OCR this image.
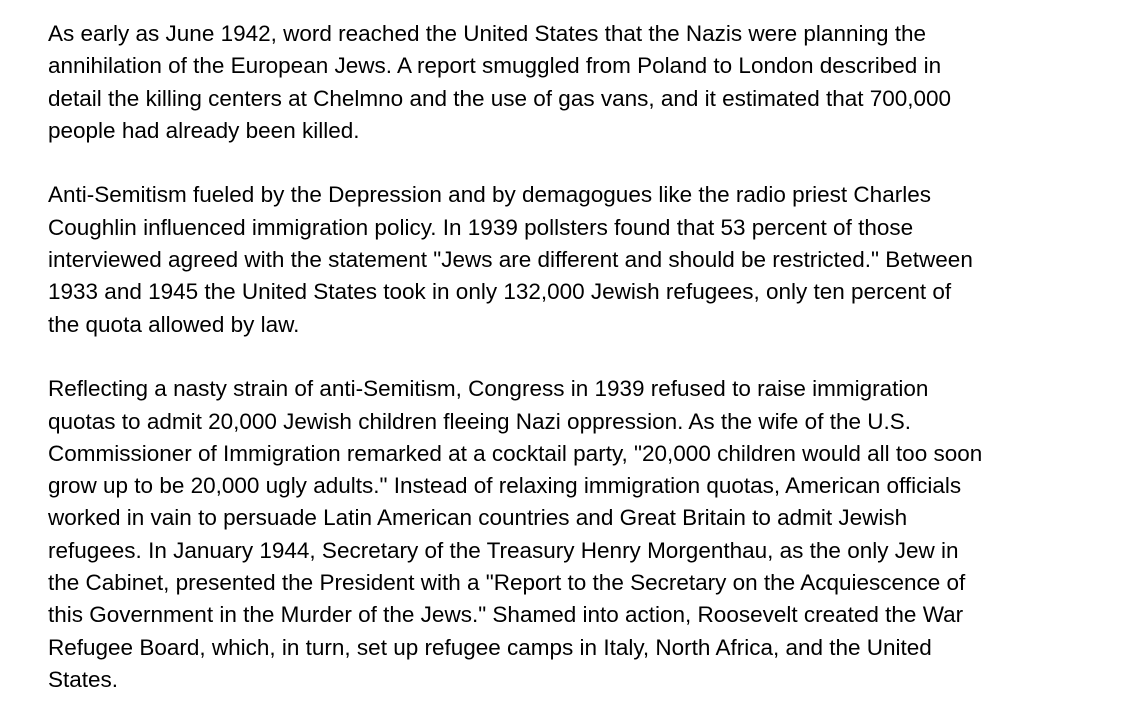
As early as June 1942, word reached the United States that the Nazis were planning the
annihilation of the European Jews. A report smuggled from Poland to London described in
detail the killing centers at Chelmno and the use of gas vans, and it estimated that 700,000
people had already been killed.

Anti-Semitism fueled by the Depression and by demagogues like the radio priest Charles
Coughlin influenced immigration policy. In 1939 pollsters found that 53 percent of those
interviewed agreed with the statement "Jews are different and should be restricted." Between
1933 and 1945 the United States took in only 132,000 Jewish refugees, only ten percent of
the quota allowed by law.

Reflecting a nasty strain of anti-Semitism, Congress in 1939 refused to raise immigration
quotas to admit 20,000 Jewish children fleeing Nazi oppression. As the wife of the U.S.
Commissioner of Immigration remarked at a cocktail party, "20,000 children would all too soon
grow up to be 20,000 ugly adults." Instead of relaxing immigration quotas, American officials
worked in vain to persuade Latin American countries and Great Britain to admit Jewish
refugees. In January 1944, Secretary of the Treasury Henry Morgenthau, as the only Jew in
the Cabinet, presented the President with a "Report to the Secretary on the Acquiescence of
this Government in the Murder of the Jews." Shamed into action, Roosevelt created the War
Refugee Board, which, in turn, set up refugee camps in Italy, North Africa, and the United
States.
